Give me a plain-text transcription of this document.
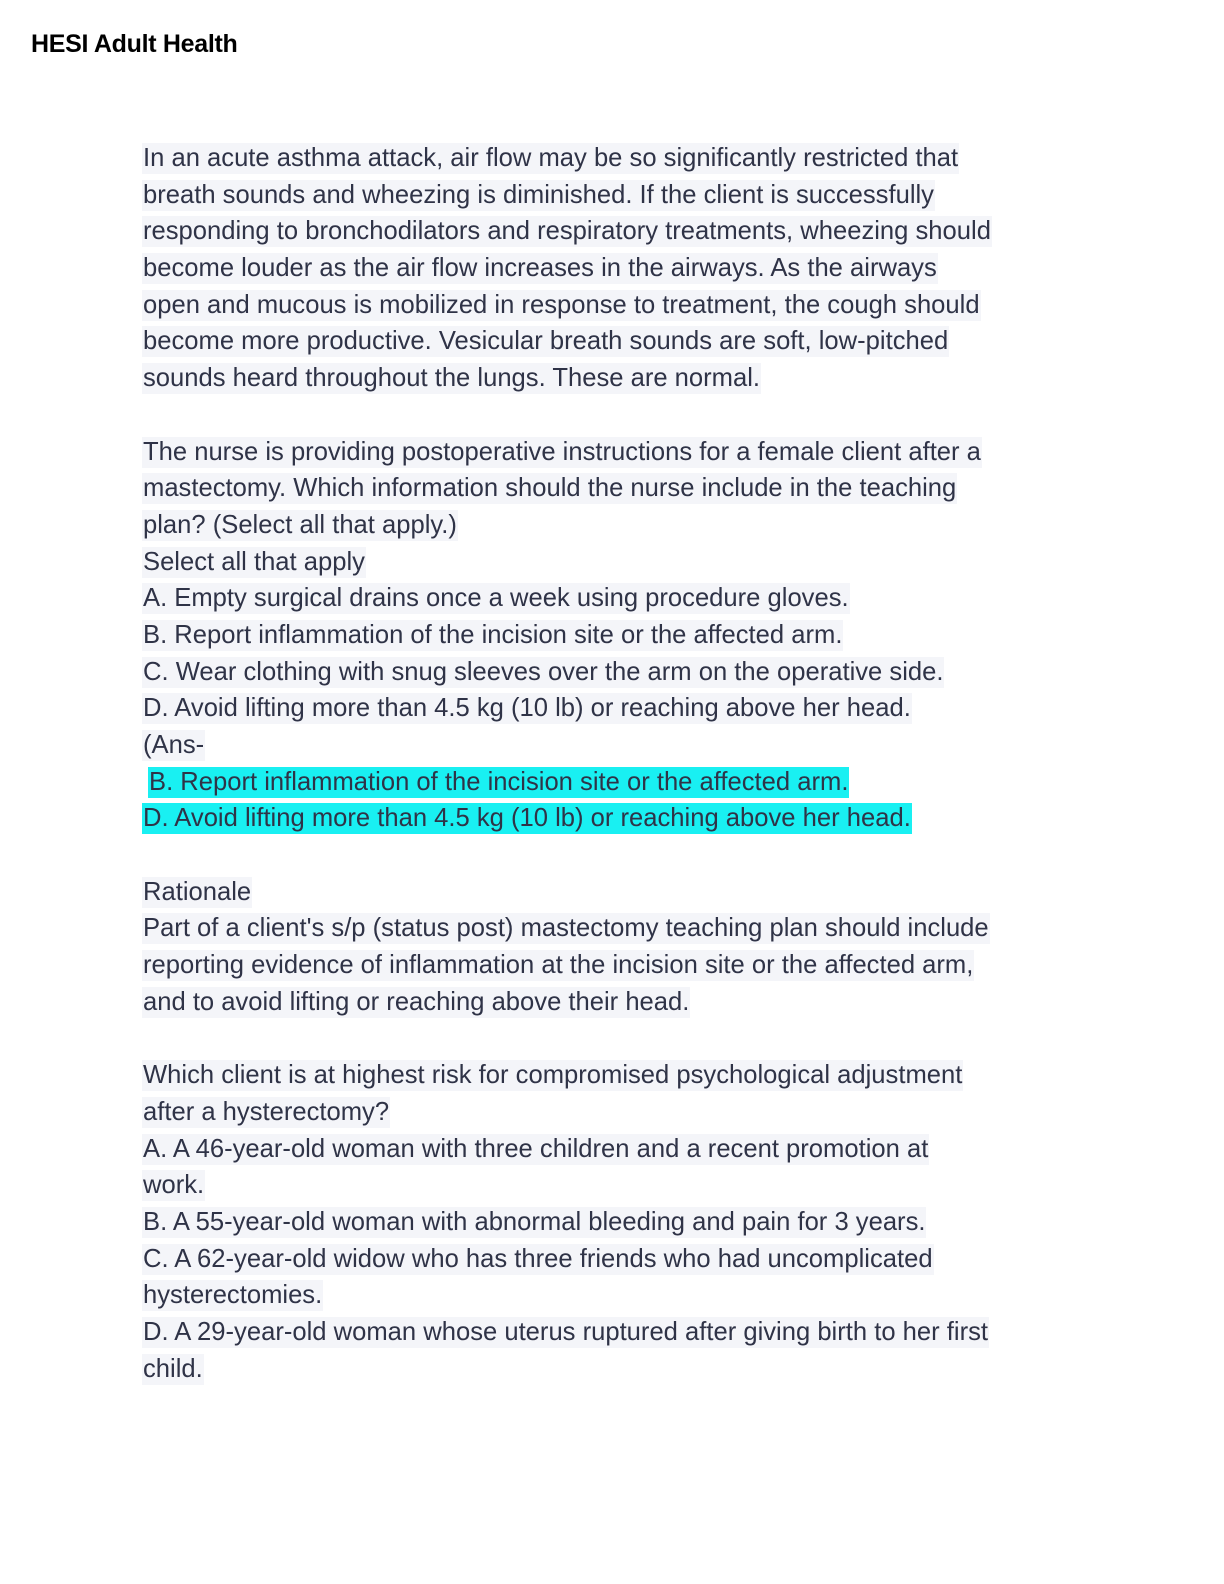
HESI Adult Health
In an acute asthma attack, air flow may be so significantly restricted that
breath sounds and wheezing is diminished. If the client is successfully
responding to bronchodilators and respiratory treatments, wheezing should
become louder as the air flow increases in the airways. As the airways
open and mucous is mobilized in response to treatment, the cough should
become more productive. Vesicular breath sounds are soft, low-pitched
sounds heard throughout the lungs. These are normal.
The nurse is providing postoperative instructions for a female client after a
mastectomy. Which information should the nurse include in the teaching
plan? (Select all that apply.)
Select all that apply
A. Empty surgical drains once a week using procedure gloves.
B. Report inflammation of the incision site or the affected arm.
C. Wear clothing with snug sleeves over the arm on the operative side.
D. Avoid lifting more than 4.5 kg (10 lb) or reaching above her head.
(Ans-
B. Report inflammation of the incision site or the affected arm.
D. Avoid lifting more than 4.5 kg (10 lb) or reaching above her head.
Rationale
Part of a client's s/p (status post) mastectomy teaching plan should include
reporting evidence of inflammation at the incision site or the affected arm,
and to avoid lifting or reaching above their head.
Which client is at highest risk for compromised psychological adjustment
after a hysterectomy?
A. A 46-year-old woman with three children and a recent promotion at
work.
B. A 55-year-old woman with abnormal bleeding and pain for 3 years.
C. A 62-year-old widow who has three friends who had uncomplicated
hysterectomies.
D. A 29-year-old woman whose uterus ruptured after giving birth to her first
child.
